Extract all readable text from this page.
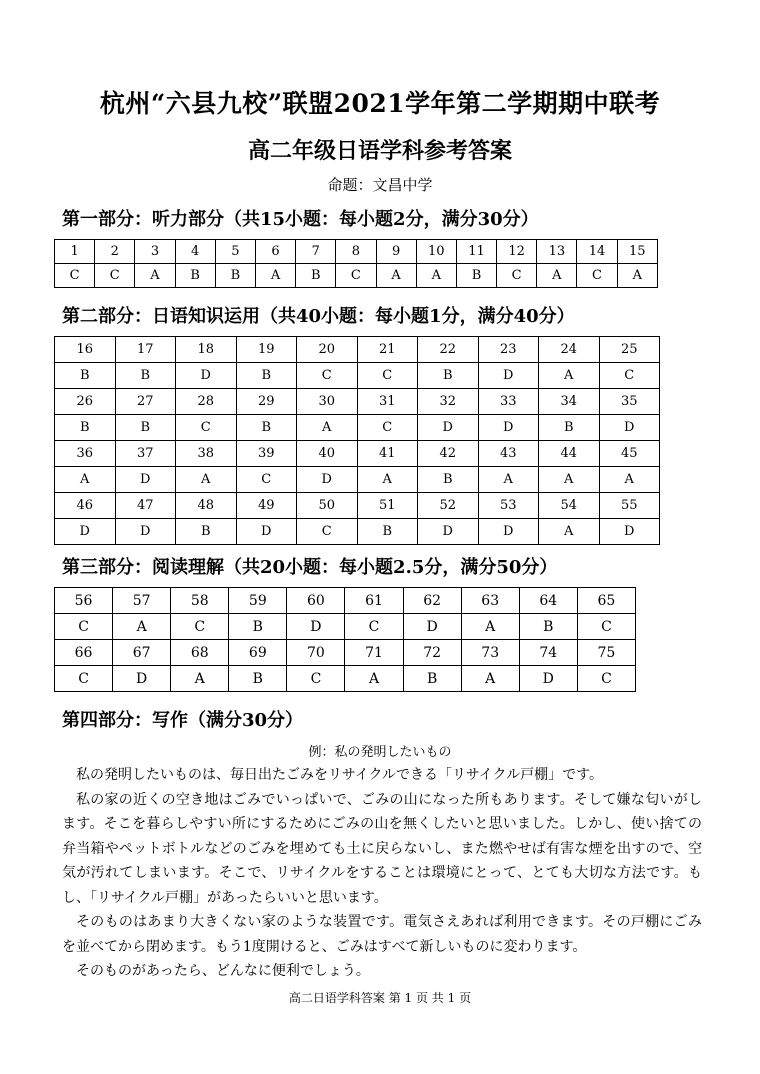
杭州“六县九校”联盟2021学年第二学期期中联考
高二年级日语学科参考答案
命题：文昌中学
第一部分：听力部分（共15小题：每小题2分，满分30分）
1	2	3	4	5	6	7	8	9	10	11	12	13	14	15
C	C	A	B	B	A	B	C	A	A	B	C	A	C	A
第二部分：日语知识运用（共40小题：每小题1分，满分40分）
16	17	18	19	20	21	22	23	24	25
B	B	D	B	C	C	B	D	A	C
26	27	28	29	30	31	32	33	34	35
B	B	C	B	A	C	D	D	B	D
36	37	38	39	40	41	42	43	44	45
A	D	A	C	D	A	B	A	A	A
46	47	48	49	50	51	52	53	54	55
D	D	B	D	C	B	D	D	A	D
第三部分：阅读理解（共20小题：每小题2.5分，满分50分）
56	57	58	59	60	61	62	63	64	65
C	A	C	B	D	C	D	A	B	C
66	67	68	69	70	71	72	73	74	75
C	D	A	B	C	A	B	A	D	C
第四部分：写作（满分30分）
例：私の発明したいもの

私の発明したいものは、毎日出たごみをリサイクルできる「リサイクル戸棚」です。

私の家の近くの空き地はごみでいっぱいで、ごみの山になった所もあります。そして嫌な匂いがします。そこを暮らしやすい所にするためにごみの山を無くしたいと思いました。しかし、使い捨ての弁当箱やペットボトルなどのごみを埋めても土に戻らないし、また燃やせば有害な煙を出すので、空気が汚れてしまいます。そこで、リサイクルをすることは環境にとって、とても大切な方法です。もし、「リサイクル戸棚」があったらいいと思います。

そのものはあまり大きくない家のような装置です。電気さえあれば利用できます。その戸棚にごみを並べてから閉めます。もう1度開けると、ごみはすべて新しいものに変わります。

そのものがあったら、どんなに便利でしょう。

高二日语学科答案 第 1 页 共 1 页
